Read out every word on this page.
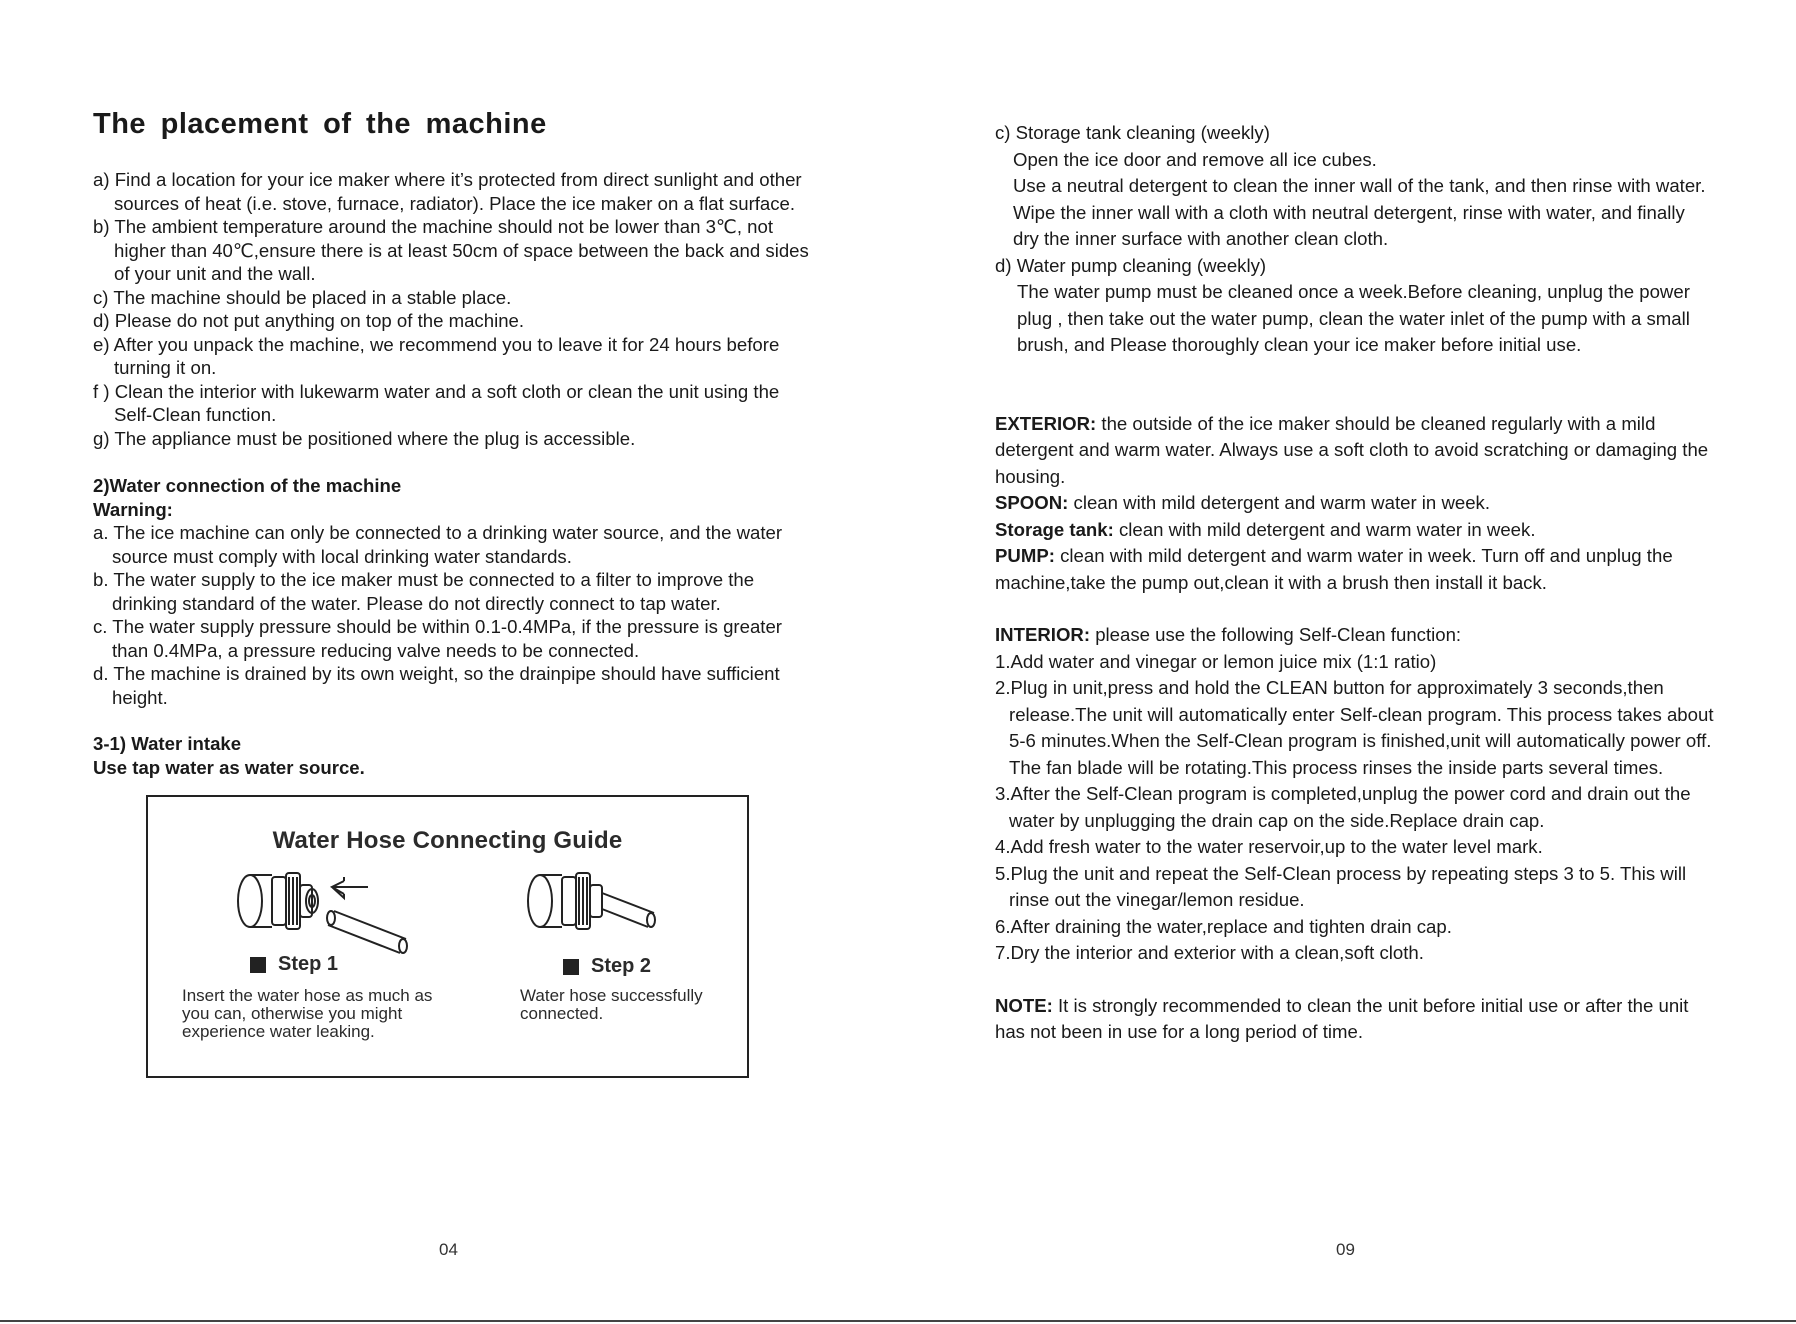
The placement of the machine

a) Find a location for your ice maker where it’s protected from direct sunlight and other sources of heat (i.e. stove, furnace, radiator). Place the ice maker on a flat surface.

b) The ambient temperature around the machine should not be lower than 3℃, not higher than 40℃,ensure there is at least 50cm of space between the back and sides of your unit and the wall.

c) The machine should be placed in a stable place.

d) Please do not put anything on top of the machine.

e) After you unpack the machine, we recommend you to leave it for 24 hours before turning it on.

f ) Clean the interior with lukewarm water and a soft cloth or clean the unit using the Self-Clean function.

g) The appliance must be positioned where the plug is accessible.

2)Water connection of the machine

Warning:

a. The ice machine can only be connected to a drinking water source, and the water source must comply with local drinking water standards.

b. The water supply to the ice maker must be connected to a filter to improve the drinking standard of the water. Please do not directly connect to tap water.

c. The water supply pressure should be within 0.1-0.4MPa, if the pressure is greater than 0.4MPa, a pressure reducing valve needs to be connected.

d. The machine is drained by its own weight, so the drainpipe should have sufficient height.

3-1) Water intake

Use tap water as water source.

Water Hose Connecting Guide
Step 1
Insert the water hose as much as you can, otherwise you might experience water leaking.
Step 2
Water hose successfully connected.
04

c) Storage tank cleaning (weekly)

Open the ice door and remove all ice cubes.

Use a neutral detergent to clean the inner wall of the tank, and then rinse with water.

Wipe the inner wall with a cloth with neutral detergent, rinse with water, and finally dry the inner surface with another clean cloth.

d) Water pump cleaning (weekly)

The water pump must be cleaned once a week.Before cleaning, unplug the power plug , then take out the water pump, clean the water inlet of the pump with a small brush, and Please thoroughly clean your ice maker before initial use.

EXTERIOR: the outside of the ice maker should be cleaned regularly with a mild detergent and warm water. Always use a soft cloth to avoid scratching or damaging the housing.

SPOON: clean with mild detergent and warm water in week.

Storage tank: clean with mild detergent and warm water in week.

PUMP: clean with mild detergent and warm water in week. Turn off and unplug the machine,take the pump out,clean it with a brush then install it back.

INTERIOR: please use the following Self-Clean function:

1.Add water and vinegar or lemon juice mix (1:1 ratio)

2.Plug in unit,press and hold the CLEAN button for approximately 3 seconds,then release.The unit will automatically enter Self-clean program. This process takes about 5-6 minutes.When the Self-Clean program is finished,unit will automatically power off.

The fan blade will be rotating.This process rinses the inside parts several times.

3.After the Self-Clean program is completed,unplug the power cord and drain out the water by unplugging the drain cap on the side.Replace drain cap.

4.Add fresh water to the water reservoir,up to the water level mark.

5.Plug the unit and repeat the Self-Clean process by repeating steps 3 to 5. This will rinse out the vinegar/lemon residue.

6.After draining the water,replace and tighten drain cap.

7.Dry the interior and exterior with a clean,soft cloth.

NOTE: It is strongly recommended to clean the unit before initial use or after the unit has not been in use for a long period of time.

09
